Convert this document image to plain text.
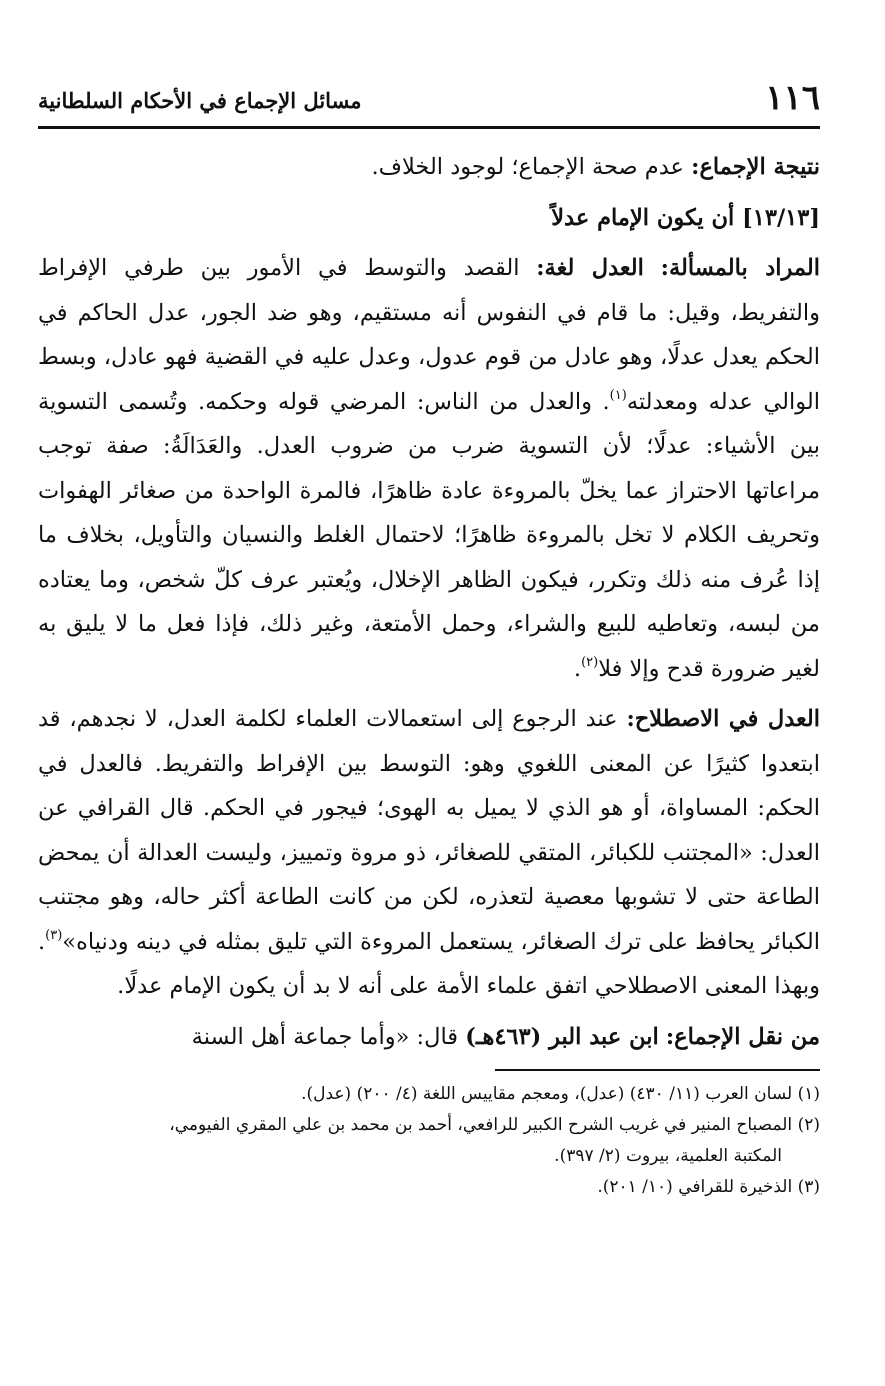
١١٦
مسائل الإجماع في الأحكام السلطانية

نتيجة الإجماع: عدم صحة الإجماع؛ لوجود الخلاف.

[١٣/١٣] أن يكون الإمام عدلاً

المراد بالمسألة: العدل لغة: القصد والتوسط في الأمور بين طرفي الإفراط والتفريط، وقيل: ما قام في النفوس أنه مستقيم، وهو ضد الجور، عدل الحاكم في الحكم يعدل عدلًا، وهو عادل من قوم عدول، وعدل عليه في القضية فهو عادل، وبسط الوالي عدله ومعدلته$^{(١)}$. والعدل من الناس: المرضي قوله وحكمه. وتُسمى التسوية بين الأشياء: عدلًا؛ لأن التسوية ضرب من ضروب العدل. والعَدَالَةُ: صفة توجب مراعاتها الاحتراز عما يخلّ بالمروءة عادة ظاهرًا، فالمرة الواحدة من صغائر الهفوات وتحريف الكلام لا تخل بالمروءة ظاهرًا؛ لاحتمال الغلط والنسيان والتأويل، بخلاف ما إذا عُرف منه ذلك وتكرر، فيكون الظاهر الإخلال، ويُعتبر عرف كلّ شخص، وما يعتاده من لبسه، وتعاطيه للبيع والشراء، وحمل الأمتعة، وغير ذلك، فإذا فعل ما لا يليق به لغير ضرورة قدح وإلا فلا$^{(٢)}$.

العدل في الاصطلاح: عند الرجوع إلى استعمالات العلماء لكلمة العدل، لا نجدهم، قد ابتعدوا كثيرًا عن المعنى اللغوي وهو: التوسط بين الإفراط والتفريط. فالعدل في الحكم: المساواة، أو هو الذي لا يميل به الهوى؛ فيجور في الحكم. قال القرافي عن العدل: «المجتنب للكبائر، المتقي للصغائر، ذو مروة وتمييز، وليست العدالة أن يمحض الطاعة حتى لا تشوبها معصية لتعذره، لكن من كانت الطاعة أكثر حاله، وهو مجتنب الكبائر يحافظ على ترك الصغائر، يستعمل المروءة التي تليق بمثله في دينه ودنياه»$^{(٣)}$. وبهذا المعنى الاصطلاحي اتفق علماء الأمة على أنه لا بد أن يكون الإمام عدلًا.

من نقل الإجماع: ابن عبد البر (٤٦٣هـ) قال: «وأما جماعة أهل السنة

(١) لسان العرب (١١/ ٤٣٠) (عدل)، ومعجم مقاييس اللغة (٤/ ٢٠٠) (عدل).

(٢) المصباح المنير في غريب الشرح الكبير للرافعي، أحمد بن محمد بن علي المقري الفيومي،
المكتبة العلمية، بيروت (٢/ ٣٩٧).

(٣) الذخيرة للقرافي (١٠/ ٢٠١).
